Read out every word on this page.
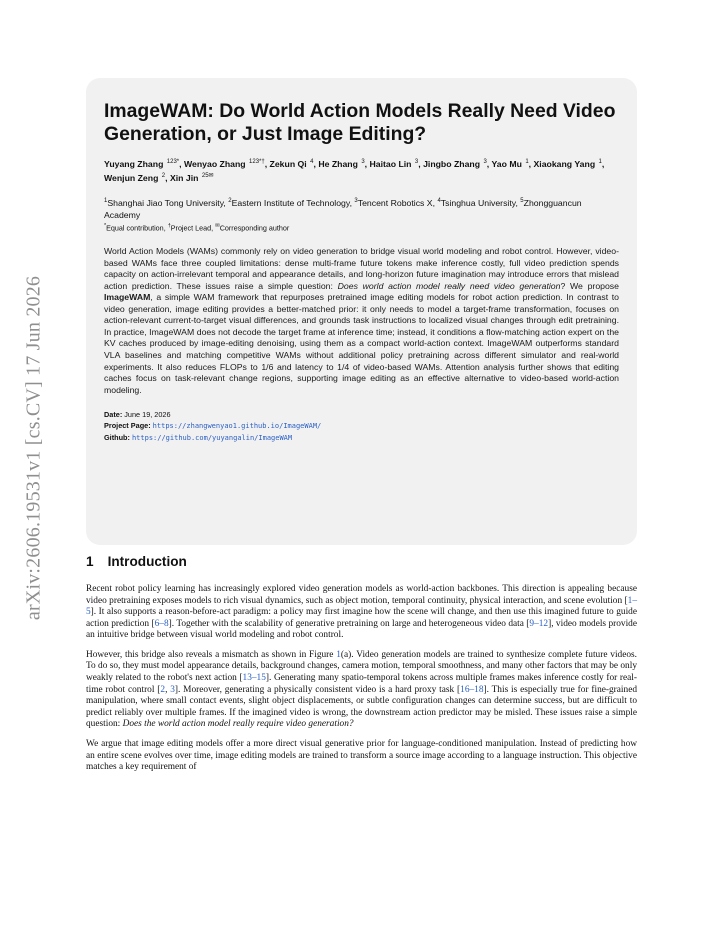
arXiv:2606.19531v1 [cs.CV] 17 Jun 2026
ImageWAM: Do World Action Models Really Need Video Generation, or Just Image Editing?
Yuyang Zhang $^{123*}$, Wenyao Zhang $^{123*\dagger}$, Zekun Qi $^4$, He Zhang $^3$, Haitao Lin $^3$, Jingbo Zhang $^3$, Yao Mu $^1$, Xiaokang Yang $^1$, Wenjun Zeng $^2$, Xin Jin $^{25✉}$
$^1$Shanghai Jiao Tong University, $^2$Eastern Institute of Technology, $^3$Tencent Robotics X, $^4$Tsinghua University, $^5$Zhongguancun Academy
*Equal contribution, †Project Lead, ✉Corresponding author
World Action Models (WAMs) commonly rely on video generation to bridge visual world modeling and robot control. However, video-based WAMs face three coupled limitations: dense multi-frame future tokens make inference costly, full video prediction spends capacity on action-irrelevant temporal and appearance details, and long-horizon future imagination may introduce errors that mislead action prediction. These issues raise a simple question: Does world action model really need video generation? We propose ImageWAM, a simple WAM framework that repurposes pretrained image editing models for robot action prediction. In contrast to video generation, image editing provides a better-matched prior: it only needs to model a target-frame transformation, focuses on action-relevant current-to-target visual differences, and grounds task instructions to localized visual changes through edit pretraining. In practice, ImageWAM does not decode the target frame at inference time; instead, it conditions a flow-matching action expert on the KV caches produced by image-editing denoising, using them as a compact world-action context. ImageWAM outperforms standard VLA baselines and matching competitive WAMs without additional policy pretraining across different simulator and real-world experiments. It also reduces FLOPs to 1/6 and latency to 1/4 of video-based WAMs. Attention analysis further shows that editing caches focus on task-relevant change regions, supporting image editing as an effective alternative to video-based world-action modeling.
Date: June 19, 2026
Project Page: https://zhangwenyao1.github.io/ImageWAM/
Github: https://github.com/yuyangalin/ImageWAM
1 Introduction

Recent robot policy learning has increasingly explored video generation models as world-action backbones. This direction is appealing because video pretraining exposes models to rich visual dynamics, such as object motion, temporal continuity, physical interaction, and scene evolution [1–5]. It also supports a reason-before-act paradigm: a policy may first imagine how the scene will change, and then use this imagined future to guide action prediction [6–8]. Together with the scalability of generative pretraining on large and heterogeneous video data [9–12], video models provide an intuitive bridge between visual world modeling and robot control.

However, this bridge also reveals a mismatch as shown in Figure 1(a). Video generation models are trained to synthesize complete future videos. To do so, they must model appearance details, background changes, camera motion, temporal smoothness, and many other factors that may be only weakly related to the robot's next action [13–15]. Generating many spatio-temporal tokens across multiple frames makes inference costly for real-time robot control [2, 3]. Moreover, generating a physically consistent video is a hard proxy task [16–18]. This is especially true for fine-grained manipulation, where small contact events, slight object displacements, or subtle configuration changes can determine success, but are difficult to predict reliably over multiple frames. If the imagined video is wrong, the downstream action predictor may be misled. These issues raise a simple question: Does the world action model really require video generation?

We argue that image editing models offer a more direct visual generative prior for language-conditioned manipulation. Instead of predicting how an entire scene evolves over time, image editing models are trained to transform a source image according to a language instruction. This objective matches a key requirement of
